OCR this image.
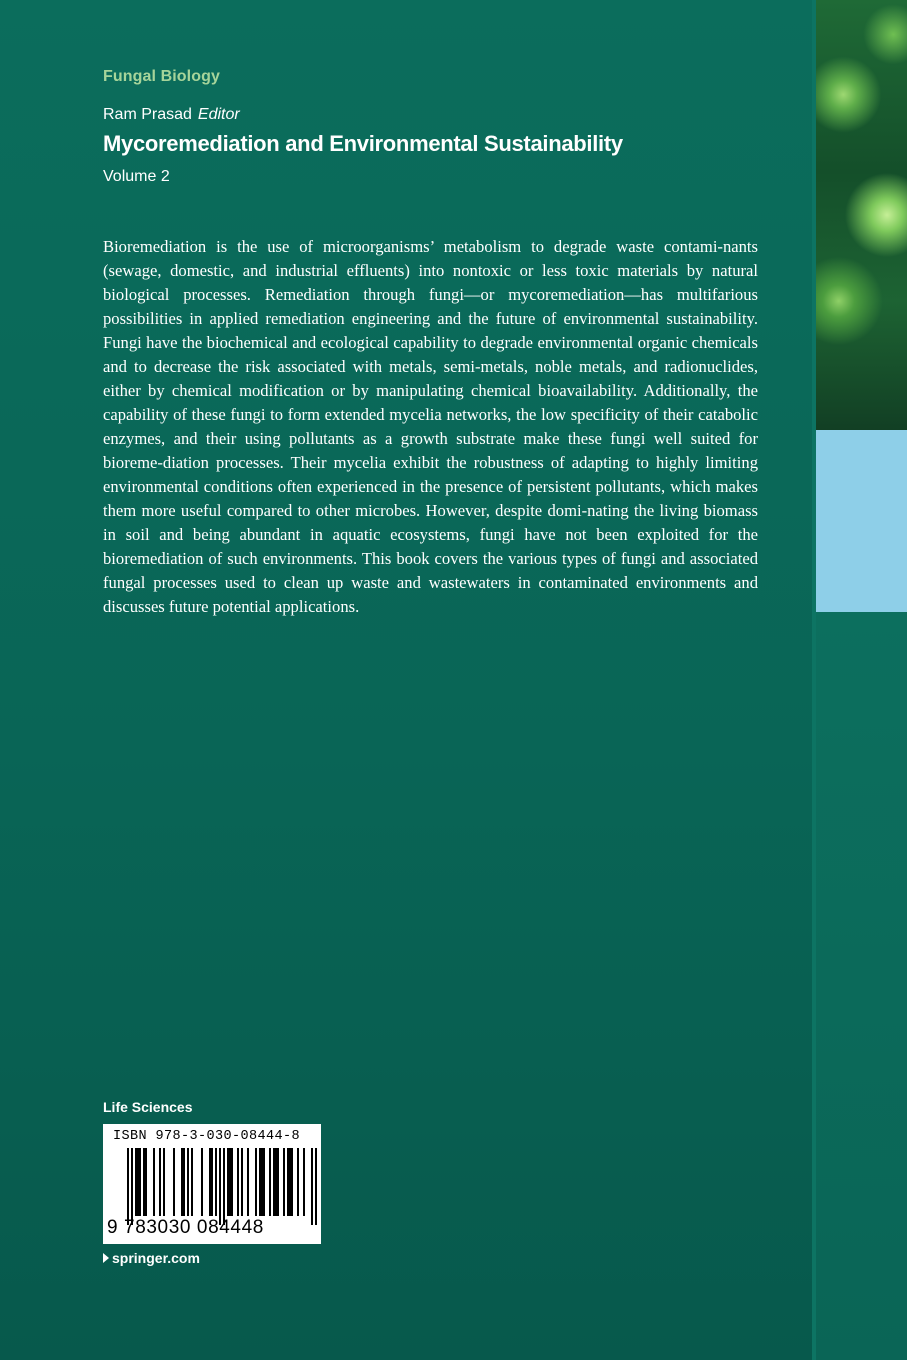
Fungal Biology
Ram Prasad Editor
Mycoremediation and Environmental Sustainability
Volume 2

Bioremediation is the use of microorganisms’ metabolism to degrade waste contami-nants (sewage, domestic, and industrial effluents) into nontoxic or less toxic materials by natural biological processes. Remediation through fungi—or mycoremediation—has multifarious possibilities in applied remediation engineering and the future of environmental sustainability. Fungi have the biochemical and ecological capability to degrade environmental organic chemicals and to decrease the risk associated with metals, semi-metals, noble metals, and radionuclides, either by chemical modification or by manipulating chemical bioavailability. Additionally, the capability of these fungi to form extended mycelia networks, the low specificity of their catabolic enzymes, and their using pollutants as a growth substrate make these fungi well suited for bioreme-diation processes. Their mycelia exhibit the robustness of adapting to highly limiting environmental conditions often experienced in the presence of persistent pollutants, which makes them more useful compared to other microbes. However, despite domi-nating the living biomass in soil and being abundant in aquatic ecosystems, fungi have not been exploited for the bioremediation of such environments. This book covers the various types of fungi and associated fungal processes used to clean up waste and wastewaters in contaminated environments and discusses future potential applications.

Life Sciences
ISBN 978-3-030-08444-8
9 783030 084448
springer.com
